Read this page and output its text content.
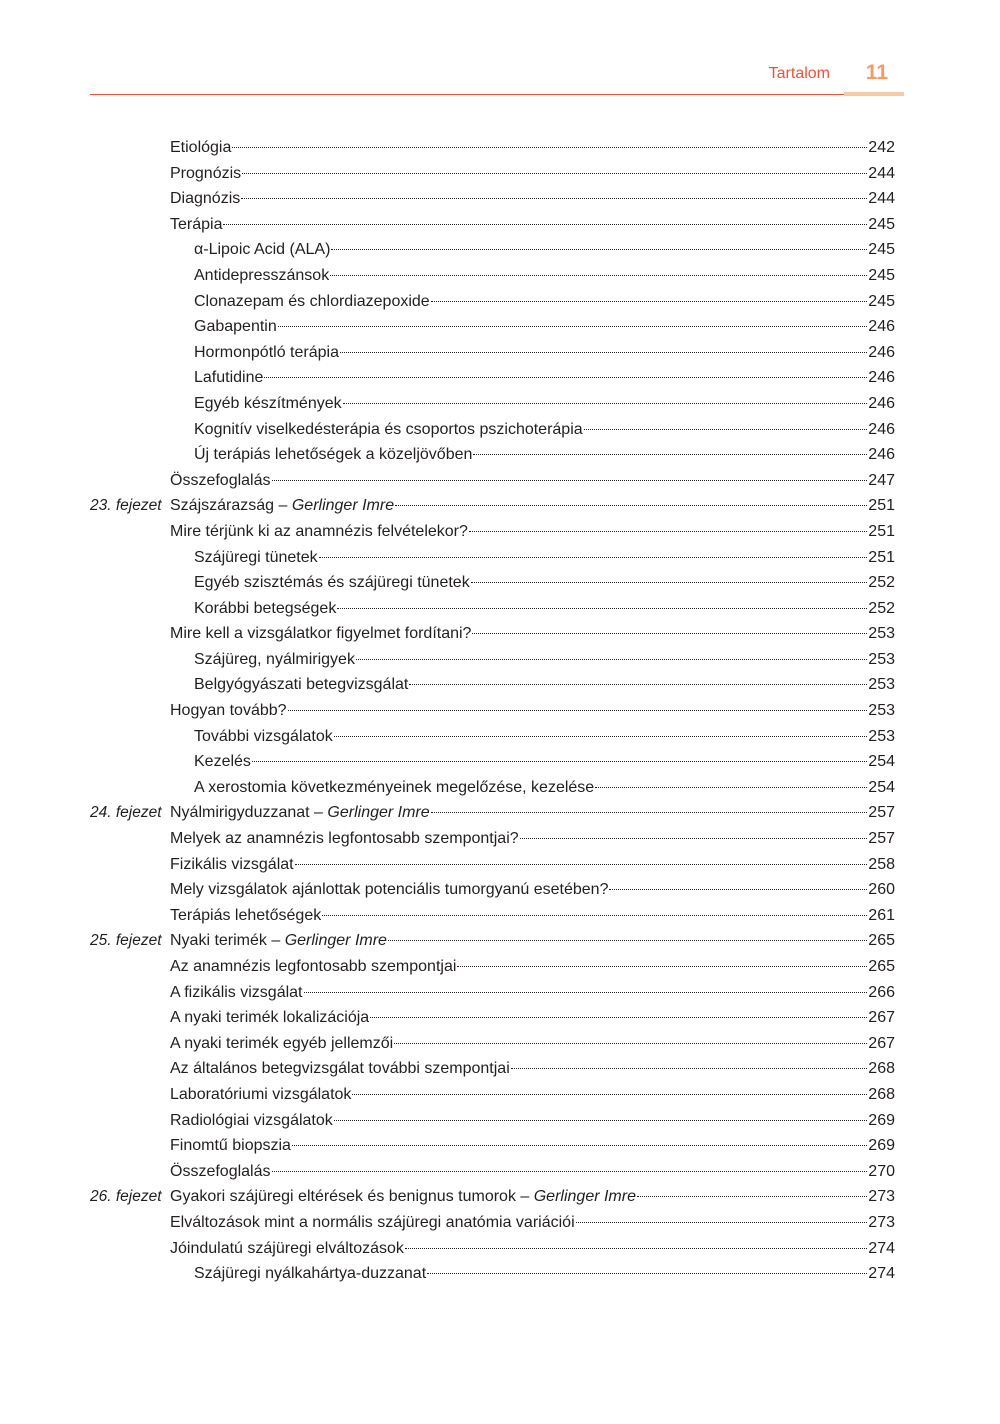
Tartalom 11
Etiológia	242
Prognózis	244
Diagnózis	244
Terápia	245
α-Lipoic Acid (ALA)	245
Antidepresszánsok	245
Clonazepam és chlordiazepoxide	245
Gabapentin	246
Hormonpótló terápia	246
Lafutidine	246
Egyéb készítmények	246
Kognitív viselkedésterápia és csoportos pszichoterápia	246
Új terápiás lehetőségek a közeljövőben	246
Összefoglalás	247
23. fejezet Szájszárazság – Gerlinger Imre	251
Mire térjünk ki az anamnézis felvételekor?	251
Szájüregi tünetek	251
Egyéb szisztémás és szájüregi tünetek	252
Korábbi betegségek	252
Mire kell a vizsgálatkor figyelmet fordítani?	253
Szájüreg, nyálmirigyek	253
Belgyógyászati betegvizsgálat	253
Hogyan tovább?	253
További vizsgálatok	253
Kezelés	254
A xerostomia következményeinek megelőzése, kezelése	254
24. fejezet Nyálmirigyduzzanat – Gerlinger Imre	257
Melyek az anamnézis legfontosabb szempontjai?	257
Fizikális vizsgálat	258
Mely vizsgálatok ajánlottak potenciális tumorgyanú esetében?	260
Terápiás lehetőségek	261
25. fejezet Nyaki terimék – Gerlinger Imre	265
Az anamnézis legfontosabb szempontjai	265
A fizikális vizsgálat	266
A nyaki terimék lokalizációja	267
A nyaki terimék egyéb jellemzői	267
Az általános betegvizsgálat további szempontjai	268
Laboratóriumi vizsgálatok	268
Radiológiai vizsgálatok	269
Finomtű biopszia	269
Összefoglalás	270
26. fejezet Gyakori szájüregi eltérések és benignus tumorok – Gerlinger Imre	273
Elváltozások mint a normális szájüregi anatómia variációi	273
Jóindulatú szájüregi elváltozások	274
Szájüregi nyálkahártya-duzzanat	274
